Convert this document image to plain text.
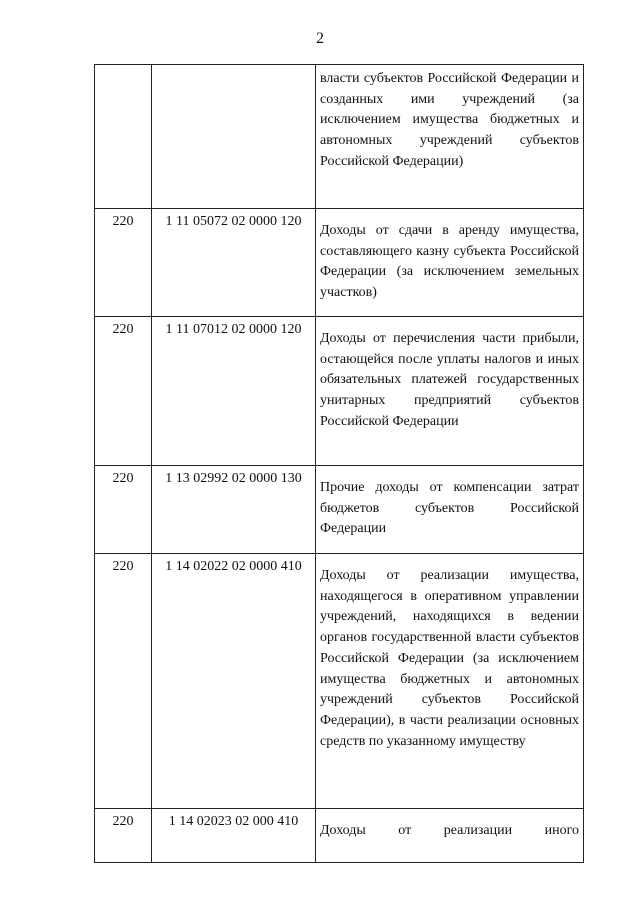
2

		власти субъектов Российской Федерации и созданных ими учреждений (за исключением имущества бюджетных и автономных учреждений субъектов Российской Федерации)

220	1 11 05072 02 0000 120	Доходы от сдачи в аренду имущества, составляющего казну субъекта Российской Федерации (за исключением земельных участков)

220	1 11 07012 02 0000 120	Доходы от перечисления части прибыли, остающейся после уплаты налогов и иных обязательных платежей государственных унитарных предприятий субъектов Российской Федерации

220	1 13 02992 02 0000 130	Прочие доходы от компенсации затрат бюджетов субъектов Российской Федерации

220	1 14 02022 02 0000 410	Доходы от реализации имущества, находящегося в оперативном управлении учреждений, находящихся в ведении органов государственной власти субъектов Российской Федерации (за исключением имущества бюджетных и автономных учреждений субъектов Российской Федерации), в части реализации основных средств по указанному имуществу

220	1 14 02023 02 000 410	Доходы от реализации иного
